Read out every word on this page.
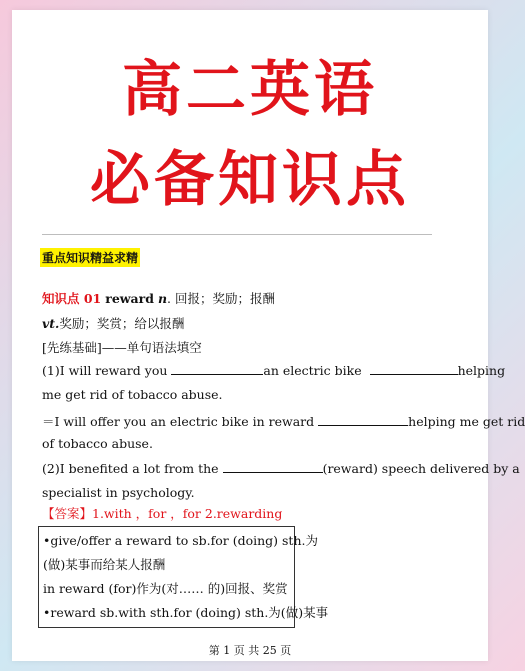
高二英语
必备知识点
重点知识精益求精
知识点 01 reward n. 回报；奖励；报酬
vt.奖励；奖赏；给以报酬
[先练基础]——单句语法填空
(1)I will reward you	an electric bike	helping
me get rid of tobacco abuse.
＝I will offer you an electric bike in reward	helping me get rid
of tobacco abuse.
(2)I benefited a lot from the	(reward) speech delivered by a
specialist in psychology.
【答案】1.with ，for ，for 2.rewarding
•give/offer a reward to sb.for (doing) sth.为
(做)某事而给某人报酬
in reward (for)作为(对…… 的)回报、奖赏
•reward sb.with sth.for (doing) sth.为(做)某事
第 1 页 共 25 页
